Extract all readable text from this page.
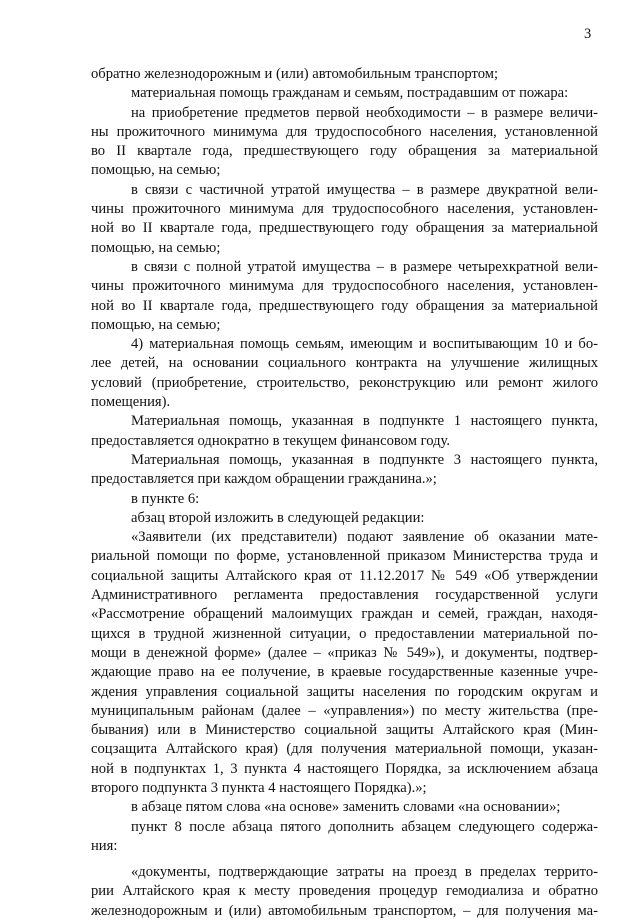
3
обратно железнодорожным и (или) автомобильным транспортом;
материальная помощь гражданам и семьям, пострадавшим от пожара:
на приобретение предметов первой необходимости – в размере величи-
ны прожиточного минимума для трудоспособного населения, установленной
во II квартале года, предшествующего году обращения за материальной
помощью, на семью;
в связи с частичной утратой имущества – в размере двукратной вели-
чины прожиточного минимума для трудоспособного населения, установлен-
ной во II квартале года, предшествующего году обращения за материальной
помощью, на семью;
в связи с полной утратой имущества – в размере четырехкратной вели-
чины прожиточного минимума для трудоспособного населения, установлен-
ной во II квартале года, предшествующего году обращения за материальной
помощью, на семью;
4) материальная помощь семьям, имеющим и воспитывающим 10 и бо-
лее детей, на основании социального контракта на улучшение жилищных
условий (приобретение, строительство, реконструкцию или ремонт жилого
помещения).
Материальная помощь, указанная в подпункте 1 настоящего пункта,
предоставляется однократно в текущем финансовом году.
Материальная помощь, указанная в подпункте 3 настоящего пункта,
предоставляется при каждом обращении гражданина.»;
в пункте 6:
абзац второй изложить в следующей редакции:
«Заявители (их представители) подают заявление об оказании мате-
риальной помощи по форме, установленной приказом Министерства труда и
социальной защиты Алтайского края от 11.12.2017 № 549 «Об утверждении
Административного регламента предоставления государственной услуги
«Рассмотрение обращений малоимущих граждан и семей, граждан, находя-
щихся в трудной жизненной ситуации, о предоставлении материальной по-
мощи в денежной форме» (далее – «приказ № 549»), и документы, подтвер-
ждающие право на ее получение, в краевые государственные казенные учре-
ждения управления социальной защиты населения по городским округам и
муниципальным районам (далее – «управления») по месту жительства (пре-
бывания) или в Министерство социальной защиты Алтайского края (Мин-
соцзащита Алтайского края) (для получения материальной помощи, указан-
ной в подпунктах 1, 3 пункта 4 настоящего Порядка, за исключением абзаца
второго подпункта 3 пункта 4 настоящего Порядка).»;
в абзаце пятом слова «на основе» заменить словами «на основании»;
пункт 8 после абзаца пятого дополнить абзацем следующего содержа-
ния:
«документы, подтверждающие затраты на проезд в пределах террито-
рии Алтайского края к месту проведения процедур гемодиализа и обратно
железнодорожным и (или) автомобильным транспортом, – для получения ма-
